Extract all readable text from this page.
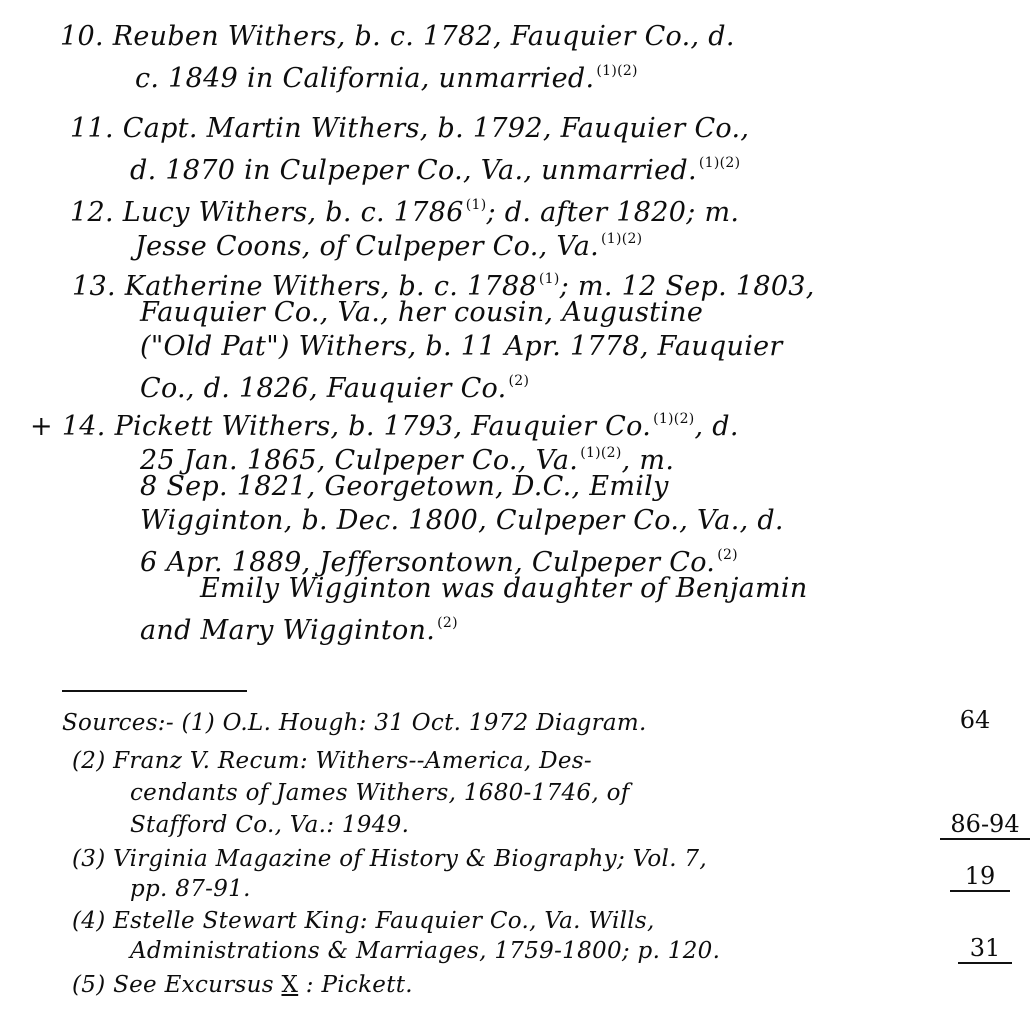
10. Reuben Withers, b. c. 1782, Fauquier Co., d.
c. 1849 in California, unmarried. $^{(1)(2)}$
11. Capt. Martin Withers, b. 1792, Fauquier Co.,
d. 1870 in Culpeper Co., Va., unmarried. $^{(1)(2)}$
12. Lucy Withers, b. c. 1786 $^{(1)}$; d. after 1820; m.
Jesse Coons, of Culpeper Co., Va. $^{(1)(2)}$
13. Katherine Withers, b. c. 1788 $^{(1)}$; m. 12 Sep. 1803,
Fauquier Co., Va., her cousin, Augustine
("Old Pat") Withers, b. 11 Apr. 1778, Fauquier
Co., d. 1826, Fauquier Co. $^{(2)}$
+ 14. Pickett Withers, b. 1793, Fauquier Co. $^{(1)(2)}$, d.
25 Jan. 1865, Culpeper Co., Va. $^{(1)(2)}$, m.
8 Sep. 1821, Georgetown, D.C., Emily
Wigginton, b. Dec. 1800, Culpeper Co., Va., d.
6 Apr. 1889, Jeffersontown, Culpeper Co. $^{(2)}$
Emily Wigginton was daughter of Benjamin
and Mary Wigginton. $^{(2)}$
Sources:- (1) O.L. Hough: 31 Oct. 1972 Diagram.	64
(2) Franz V. Recum: Withers--America, Des-
cendants of James Withers, 1680-1746, of
Stafford Co., Va.: 1949.	86-94
(3) Virginia Magazine of History & Biography; Vol. 7,
pp. 87-91.	19
(4) Estelle Stewart King: Fauquier Co., Va. Wills,
Administrations & Marriages, 1759-1800; p. 120.	31
(5) See Excursus X : Pickett.
